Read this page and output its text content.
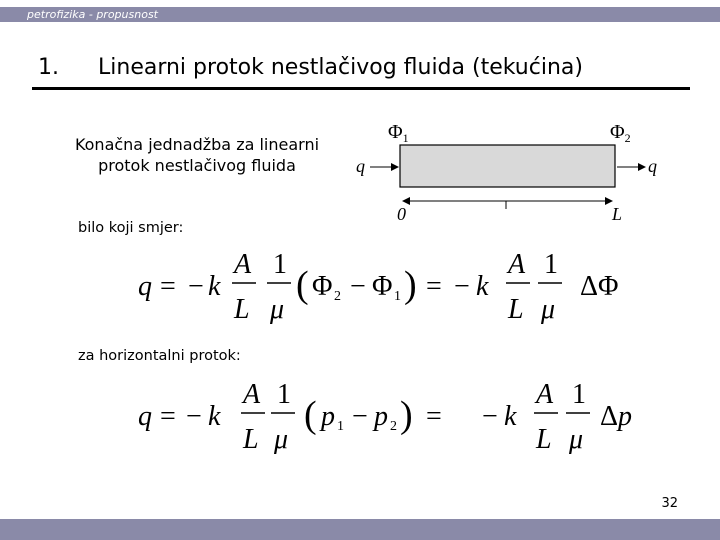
petrofizika - propusnost
1. Linearni protok nestlačivog fluida (tekućina)
Konačna jednadžba za linearni
protok nestlačivog fluida
$\Phi_1$	$\Phi_2$
q	q
0	L
bilo koji smjer:
q = − k
A
L
1
μ
( Φ 2 − Φ 1 ) = − k
A
L
1
μ
ΔΦ
za horizontalni protok:
q = − k
A
L
1
μ
( p 1 − p 2 ) = − k
A
L
1
μ
Δ p
32
